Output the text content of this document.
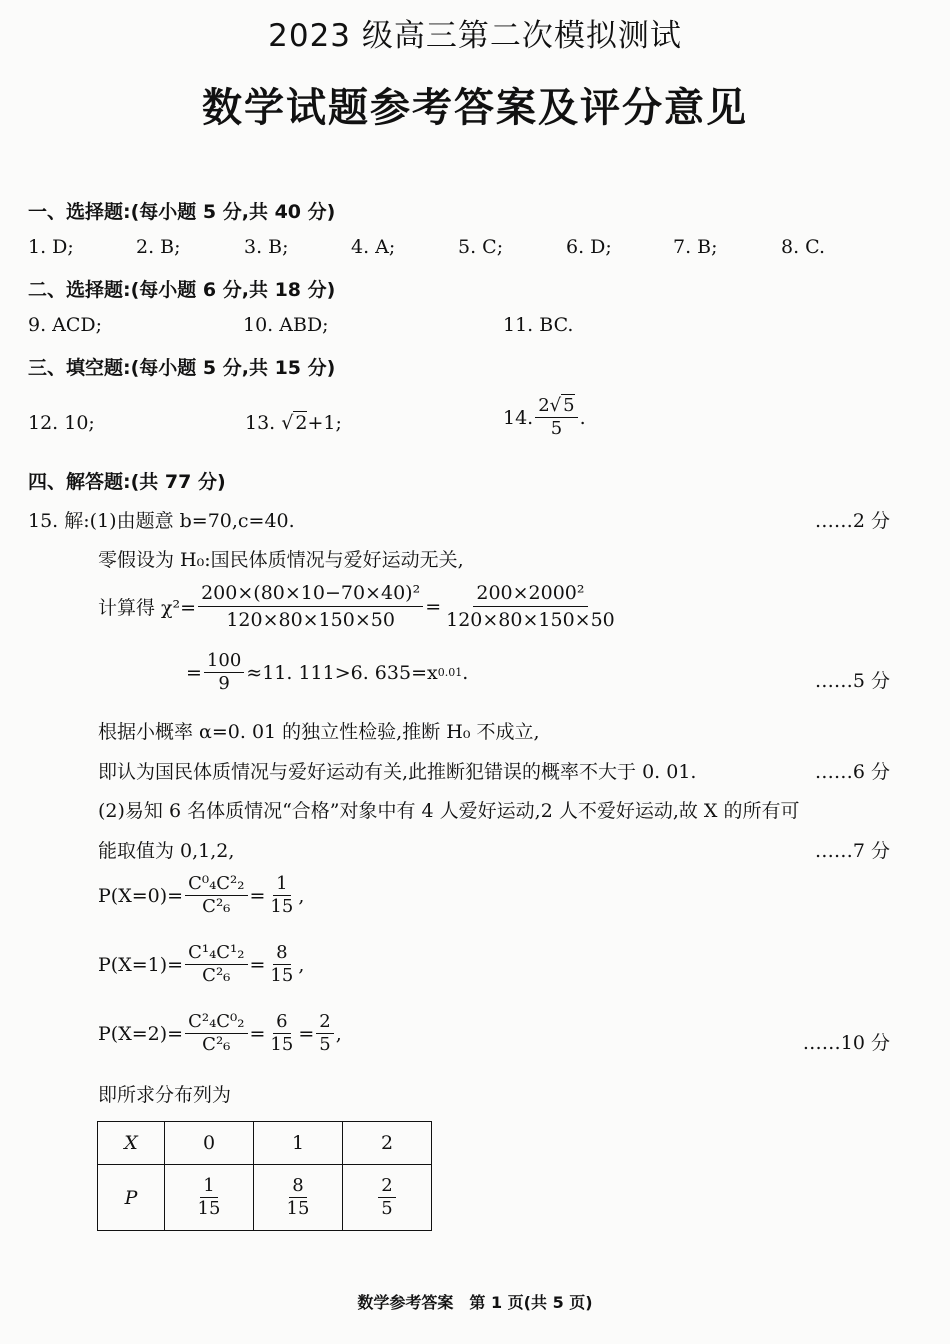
2023 级高三第二次模拟测试
数学试题参考答案及评分意见
一、选择题:(每小题 5 分,共 40 分)
1. D;	2. B;	3. B;	4. A;	5. C;	6. D;	7. B;	8. C.
二、选择题:(每小题 6 分,共 18 分)
9. ACD;	10. ABD;	11. BC.
三、填空题:(每小题 5 分,共 15 分)
12. 10;	13. √ 2+1;	14. $\frac{2√ 5}{5}$ .
四、解答题:(共 77 分)
15. 解:(1)由题意 b=70,c=40.	……2 分
零假设为 H₀:国民体质情况与爱好运动无关,
计算得 $\chi^2= \frac{\text{200×(80×10−70×40)²}}{120\times 80\times 150\times 50} = \frac{\text{200×2000²}}{120\times 80\times 150\times 50}$
= $\frac{100}{9} \approx 11$. 111>6. 635=x 0.01 .	……5 分
根据小概率 α=0. 01 的独立性检验,推断 H₀ 不成立,
即认为国民体质情况与爱好运动有关,此推断犯错误的概率不大于 0. 01.	……6 分
(2)易知 6 名体质情况“合格”对象中有 4 人爱好运动,2 人不爱好运动,故 X 的所有可
能取值为 0,1,2,	……7 分
$P(X=0)= \frac{\text{C⁰₄C²₂}}{\text{C²₆}} = \frac{1}{15}$ ,
$P(X=1)= \frac{\text{C¹₄C¹₂}}{\text{C²₆}} = \frac{8}{15}$ ,
$P(X=2)= \frac{\text{C²₄C⁰₂}}{\text{C²₆}} = \frac{6}{15} = \frac{2}{5}$ ,	……10 分
即所求分布列为
X	0	1	2
P	$\frac{1}{15}$	$\frac{8}{15}$	$\frac{2}{5}$
数学参考答案　第 1 页(共 5 页)
